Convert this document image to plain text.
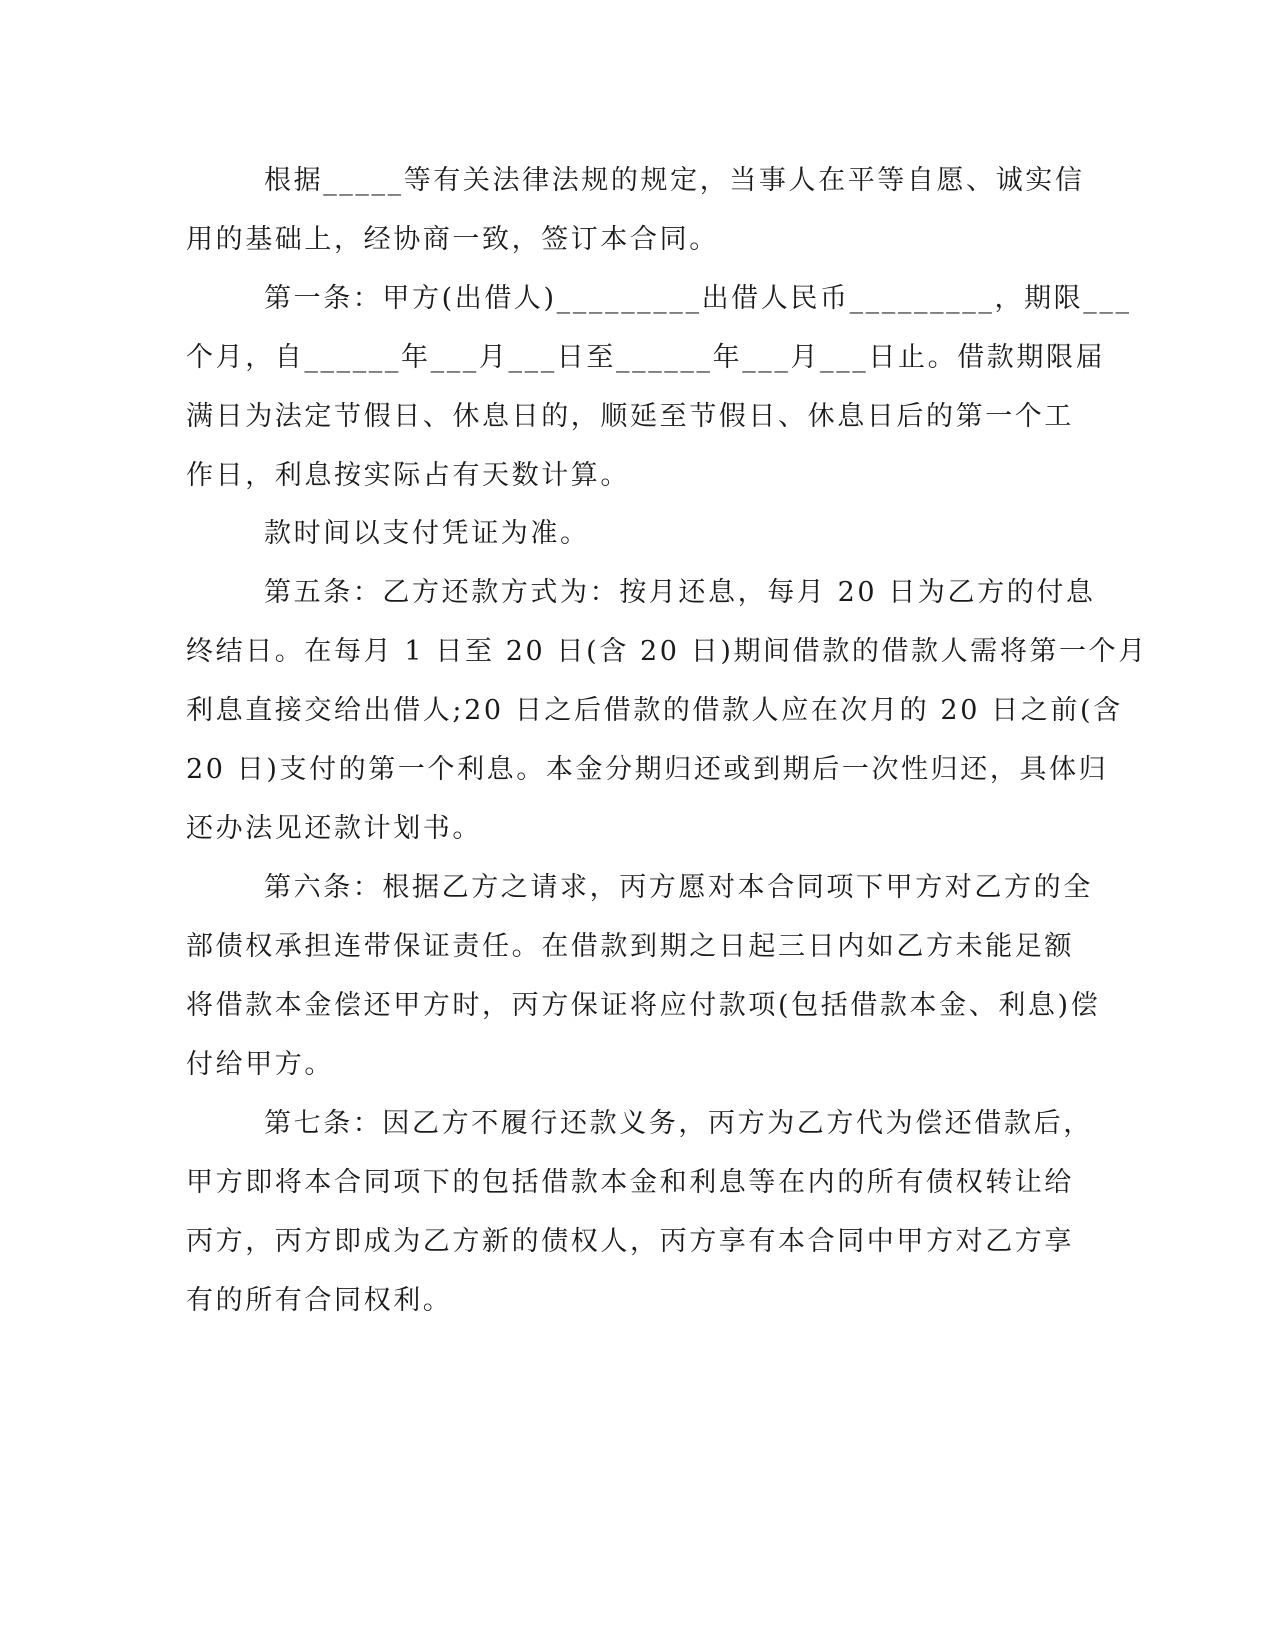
根据_____等有关法律法规的规定，当事人在平等自愿、诚实信
用的基础上，经协商一致，签订本合同。
第一条：甲方(出借人)_________出借人民币_________，期限___
个月，自______年___月___日至______年___月___日止。借款期限届
满日为法定节假日、休息日的，顺延至节假日、休息日后的第一个工
作日，利息按实际占有天数计算。
款时间以支付凭证为准。
第五条：乙方还款方式为：按月还息，每月 20 日为乙方的付息
终结日。在每月 1 日至 20 日(含 20 日)期间借款的借款人需将第一个月
利息直接交给出借人;20 日之后借款的借款人应在次月的 20 日之前(含
20 日)支付的第一个利息。本金分期归还或到期后一次性归还，具体归
还办法见还款计划书。
第六条：根据乙方之请求，丙方愿对本合同项下甲方对乙方的全
部债权承担连带保证责任。在借款到期之日起三日内如乙方未能足额
将借款本金偿还甲方时，丙方保证将应付款项(包括借款本金、利息)偿
付给甲方。
第七条：因乙方不履行还款义务，丙方为乙方代为偿还借款后，
甲方即将本合同项下的包括借款本金和利息等在内的所有债权转让给
丙方，丙方即成为乙方新的债权人，丙方享有本合同中甲方对乙方享
有的所有合同权利。
